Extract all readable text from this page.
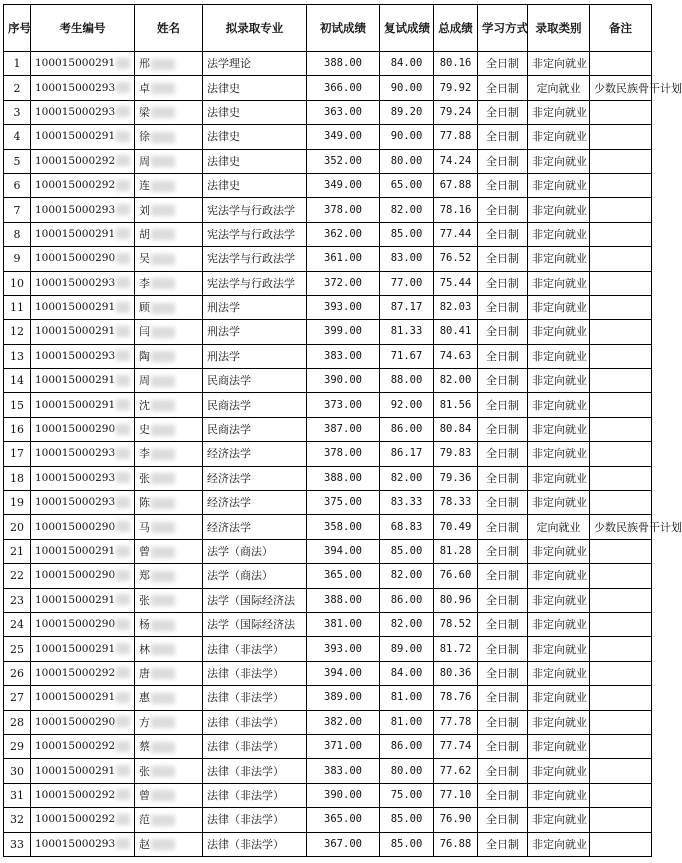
序号	考生编号	姓名	拟录取专业	初试成绩	复试成绩	总成绩	学习方式	录取类别	备注
1	100015000291	邢	法学理论	388.00	84.00	80.16	全日制	非定向就业	
2	100015000293	卓	法律史	366.00	90.00	79.92	全日制	定向就业	少数民族骨干计划
3	100015000293	梁	法律史	363.00	89.20	79.24	全日制	非定向就业	
4	100015000291	徐	法律史	349.00	90.00	77.88	全日制	非定向就业	
5	100015000292	周	法律史	352.00	80.00	74.24	全日制	非定向就业	
6	100015000292	连	法律史	349.00	65.00	67.88	全日制	非定向就业	
7	100015000293	刘	宪法学与行政法学	378.00	82.00	78.16	全日制	非定向就业	
8	100015000291	胡	宪法学与行政法学	362.00	85.00	77.44	全日制	非定向就业	
9	100015000290	吴	宪法学与行政法学	361.00	83.00	76.52	全日制	非定向就业	
10	100015000293	李	宪法学与行政法学	372.00	77.00	75.44	全日制	非定向就业	
11	100015000291	顾	刑法学	393.00	87.17	82.03	全日制	非定向就业	
12	100015000291	闫	刑法学	399.00	81.33	80.41	全日制	非定向就业	
13	100015000293	陶	刑法学	383.00	71.67	74.63	全日制	非定向就业	
14	100015000291	周	民商法学	390.00	88.00	82.00	全日制	非定向就业	
15	100015000291	沈	民商法学	373.00	92.00	81.56	全日制	非定向就业	
16	100015000290	史	民商法学	387.00	86.00	80.84	全日制	非定向就业	
17	100015000293	李	经济法学	378.00	86.17	79.83	全日制	非定向就业	
18	100015000293	张	经济法学	388.00	82.00	79.36	全日制	非定向就业	
19	100015000293	陈	经济法学	375.00	83.33	78.33	全日制	非定向就业	
20	100015000290	马	经济法学	358.00	68.83	70.49	全日制	定向就业	少数民族骨干计划
21	100015000291	曾	法学（商法）	394.00	85.00	81.28	全日制	非定向就业	
22	100015000290	郑	法学（商法）	365.00	82.00	76.60	全日制	非定向就业	
23	100015000291	张	法学（国际经济法	388.00	86.00	80.96	全日制	非定向就业	
24	100015000290	杨	法学（国际经济法	381.00	82.00	78.52	全日制	非定向就业	
25	100015000291	林	法律（非法学）	393.00	89.00	81.72	全日制	非定向就业	
26	100015000292	唐	法律（非法学）	394.00	84.00	80.36	全日制	非定向就业	
27	100015000291	惠	法律（非法学）	389.00	81.00	78.76	全日制	非定向就业	
28	100015000290	方	法律（非法学）	382.00	81.00	77.78	全日制	非定向就业	
29	100015000292	蔡	法律（非法学）	371.00	86.00	77.74	全日制	非定向就业	
30	100015000291	张	法律（非法学）	383.00	80.00	77.62	全日制	非定向就业	
31	100015000292	曾	法律（非法学）	390.00	75.00	77.10	全日制	非定向就业	
32	100015000292	范	法律（非法学）	365.00	85.00	76.90	全日制	非定向就业	
33	100015000293	赵	法律（非法学）	367.00	85.00	76.88	全日制	非定向就业	
